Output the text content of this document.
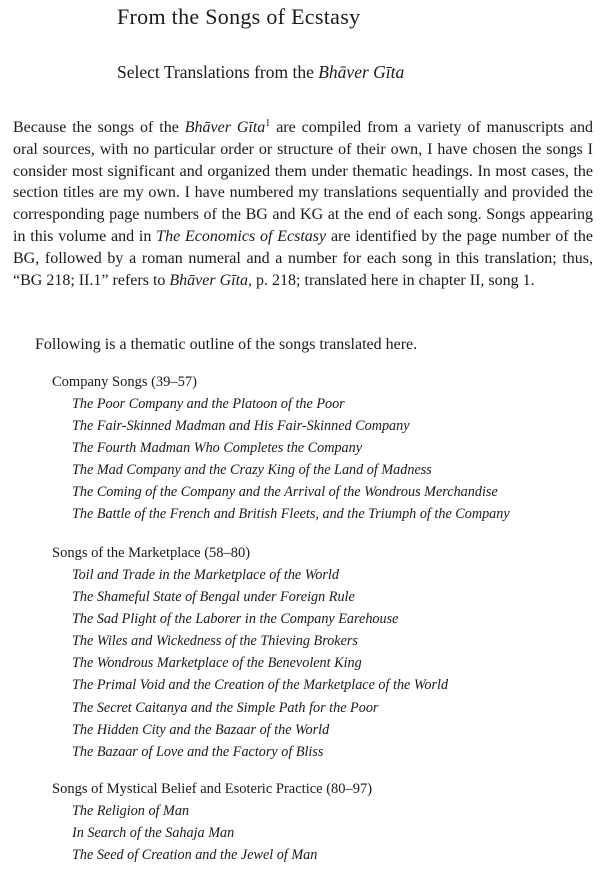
From the Songs of Ecstasy
Select Translations from the Bhāver Gīta

Because the songs of the Bhāver Gīta$^1$ are compiled from a variety of manuscripts and oral sources, with no particular order or structure of their own, I have chosen the songs I consider most significant and organized them under thematic headings. In most cases, the section titles are my own. I have numbered my translations sequentially and provided the corresponding page numbers of the BG and KG at the end of each song. Songs appearing in this volume and in The Economics of Ecstasy are identified by the page number of the BG, followed by a roman numeral and a number for each song in this translation; thus, “BG 218; II.1” refers to Bhāver Gīta, p. 218; translated here in chapter II, song 1.

Following is a thematic outline of the songs translated here.

Company Songs (39–57)
The Poor Company and the Platoon of the Poor
The Fair-Skinned Madman and His Fair-Skinned Company
The Fourth Madman Who Completes the Company
The Mad Company and the Crazy King of the Land of Madness
The Coming of the Company and the Arrival of the Wondrous Merchandise
The Battle of the French and British Fleets, and the Triumph of the Company
Songs of the Marketplace (58–80)
Toil and Trade in the Marketplace of the World
The Shameful State of Bengal under Foreign Rule
The Sad Plight of the Laborer in the Company Earehouse
The Wiles and Wickedness of the Thieving Brokers
The Wondrous Marketplace of the Benevolent King
The Primal Void and the Creation of the Marketplace of the World
The Secret Caitanya and the Simple Path for the Poor
The Hidden City and the Bazaar of the World
The Bazaar of Love and the Factory of Bliss
Songs of Mystical Belief and Esoteric Practice (80–97)
The Religion of Man
In Search of the Sahaja Man
The Seed of Creation and the Jewel of Man
